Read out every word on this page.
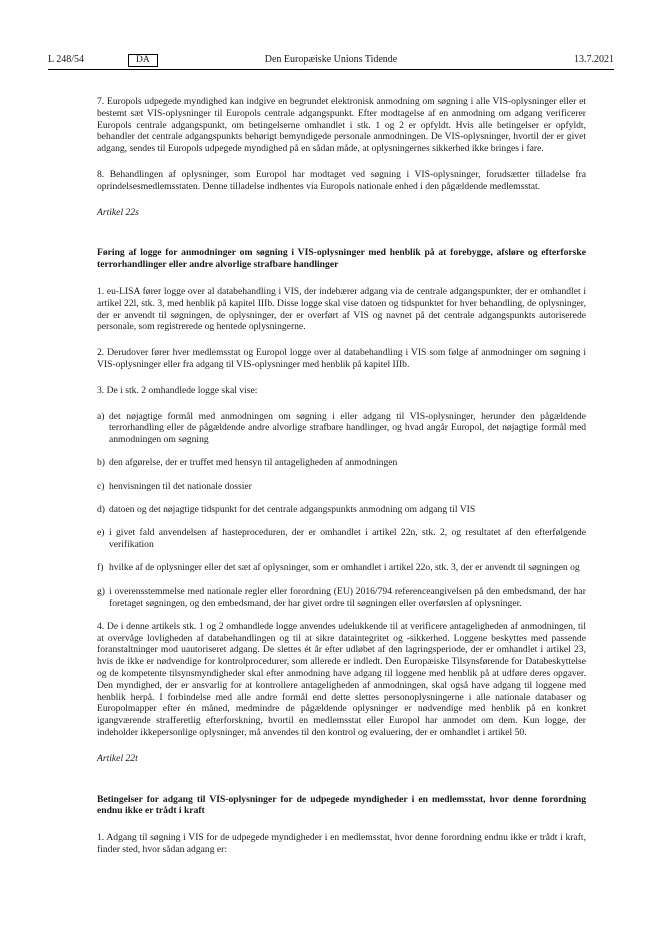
L 248/54	DA	Den Europæiske Unions Tidende	13.7.2021

7. Europols udpegede myndighed kan indgive en begrundet elektronisk anmodning om søgning i alle VIS-oplysninger eller et bestemt sæt VIS-oplysninger til Europols centrale adgangspunkt. Efter modtagelse af en anmodning om adgang verificerer Europols centrale adgangspunkt, om betingelserne omhandlet i stk. 1 og 2 er opfyldt. Hvis alle betingelser er opfyldt, behandler det centrale adgangspunkts behørigt bemyndigede personale anmodningen. De VIS-oplysninger, hvortil der er givet adgang, sendes til Europols udpegede myndighed på en sådan måde, at oplysningernes sikkerhed ikke bringes i fare.

8. Behandlingen af oplysninger, som Europol har modtaget ved søgning i VIS-oplysninger, forudsætter tilladelse fra oprindelsesmedlemsstaten. Denne tilladelse indhentes via Europols nationale enhed i den pågældende medlemsstat.

Artikel 22s

Føring af logge for anmodninger om søgning i VIS-oplysninger med henblik på at forebygge, afsløre og efterforske terrorhandlinger eller andre alvorlige strafbare handlinger

1. eu-LISA fører logge over al databehandling i VIS, der indebærer adgang via de centrale adgangspunkter, der er omhandlet i artikel 22l, stk. 3, med henblik på kapitel IIIb. Disse logge skal vise datoen og tidspunktet for hver behandling, de oplysninger, der er anvendt til søgningen, de oplysninger, der er overført af VIS og navnet på det centrale adgangspunkts autoriserede personale, som registrerede og hentede oplysningerne.

2. Derudover fører hver medlemsstat og Europol logge over al databehandling i VIS som følge af anmodninger om søgning i VIS-oplysninger eller fra adgang til VIS-oplysninger med henblik på kapitel IIIb.

3. De i stk. 2 omhandlede logge skal vise:

a) det nøjagtige formål med anmodningen om søgning i eller adgang til VIS-oplysninger, herunder den pågældende terrorhandling eller de pågældende andre alvorlige strafbare handlinger, og hvad angår Europol, det nøjagtige formål med anmodningen om søgning
b) den afgørelse, der er truffet med hensyn til antageligheden af anmodningen
c) henvisningen til det nationale dossier
d) datoen og det nøjagtige tidspunkt for det centrale adgangspunkts anmodning om adgang til VIS
e) i givet fald anvendelsen af hasteproceduren, der er omhandlet i artikel 22n, stk. 2, og resultatet af den efterfølgende verifikation
f) hvilke af de oplysninger eller det sæt af oplysninger, som er omhandlet i artikel 22o, stk. 3, der er anvendt til søgningen og
g) i overensstemmelse med nationale regler eller forordning (EU) 2016/794 referenceangivelsen på den embedsmand, der har foretaget søgningen, og den embedsmand, der har givet ordre til søgningen eller overførslen af oplysninger.

4. De i denne artikels stk. 1 og 2 omhandlede logge anvendes udelukkende til at verificere antageligheden af anmodningen, til at overvåge lovligheden af databehandlingen og til at sikre dataintegritet og -sikkerhed. Loggene beskyttes med passende foranstaltninger mod uautoriseret adgang. De slettes ét år efter udløbet af den lagringsperiode, der er omhandlet i artikel 23, hvis de ikke er nødvendige for kontrolprocedurer, som allerede er indledt. Den Europæiske Tilsynsførende for Databeskyttelse og de kompetente tilsynsmyndigheder skal efter anmodning have adgang til loggene med henblik på at udføre deres opgaver. Den myndighed, der er ansvarlig for at kontrollere antageligheden af anmodningen, skal også have adgang til loggene med henblik herpå. I forbindelse med alle andre formål end dette slettes personoplysningerne i alle nationale databaser og Europolmapper efter én måned, medmindre de pågældende oplysninger er nødvendige med henblik på en konkret igangværende strafferetlig efterforskning, hvortil en medlemsstat eller Europol har anmodet om dem. Kun logge, der indeholder ikkepersonlige oplysninger, må anvendes til den kontrol og evaluering, der er omhandlet i artikel 50.

Artikel 22t

Betingelser for adgang til VIS-oplysninger for de udpegede myndigheder i en medlemsstat, hvor denne forordning endnu ikke er trådt i kraft

1. Adgang til søgning i VIS for de udpegede myndigheder i en medlemsstat, hvor denne forordning endnu ikke er trådt i kraft, finder sted, hvor sådan adgang er:
